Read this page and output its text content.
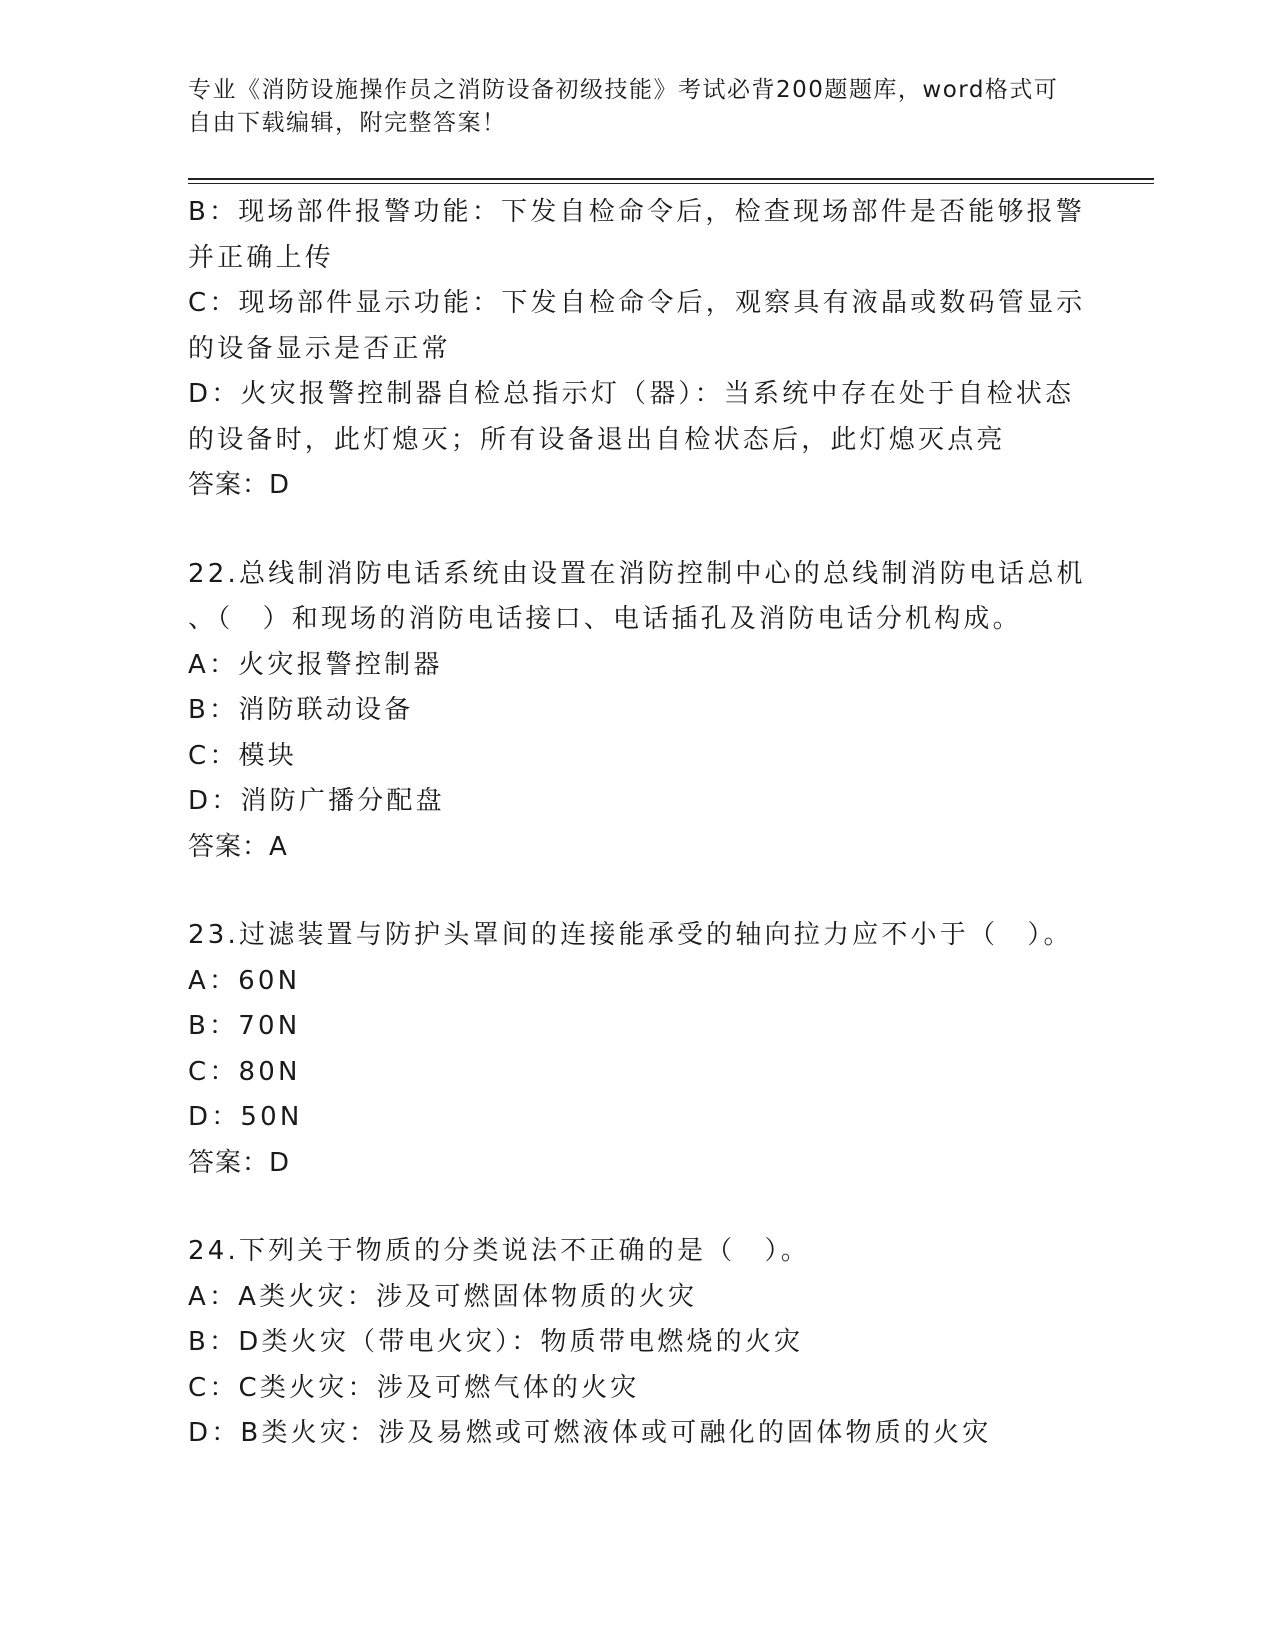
专业《消防设施操作员之消防设备初级技能》考试必背200题题库，word格式可
自由下载编辑，附完整答案！
B：现场部件报警功能：下发自检命令后，检查现场部件是否能够报警
并正确上传
C：现场部件显示功能：下发自检命令后，观察具有液晶或数码管显示
的设备显示是否正常
D：火灾报警控制器自检总指示灯（器）：当系统中存在处于自检状态
的设备时，此灯熄灭；所有设备退出自检状态后，此灯熄灭点亮
答案：D
22.总线制消防电话系统由设置在消防控制中心的总线制消防电话总机
、（　）和现场的消防电话接口、电话插孔及消防电话分机构成。
A：火灾报警控制器
B：消防联动设备
C：模块
D：消防广播分配盘
答案：A
23.过滤装置与防护头罩间的连接能承受的轴向拉力应不小于（　）。
A：60N
B：70N
C：80N
D：50N
答案：D
24.下列关于物质的分类说法不正确的是（　）。
A：A类火灾：涉及可燃固体物质的火灾
B：D类火灾（带电火灾）：物质带电燃烧的火灾
C：C类火灾：涉及可燃气体的火灾
D：B类火灾：涉及易燃或可燃液体或可融化的固体物质的火灾
